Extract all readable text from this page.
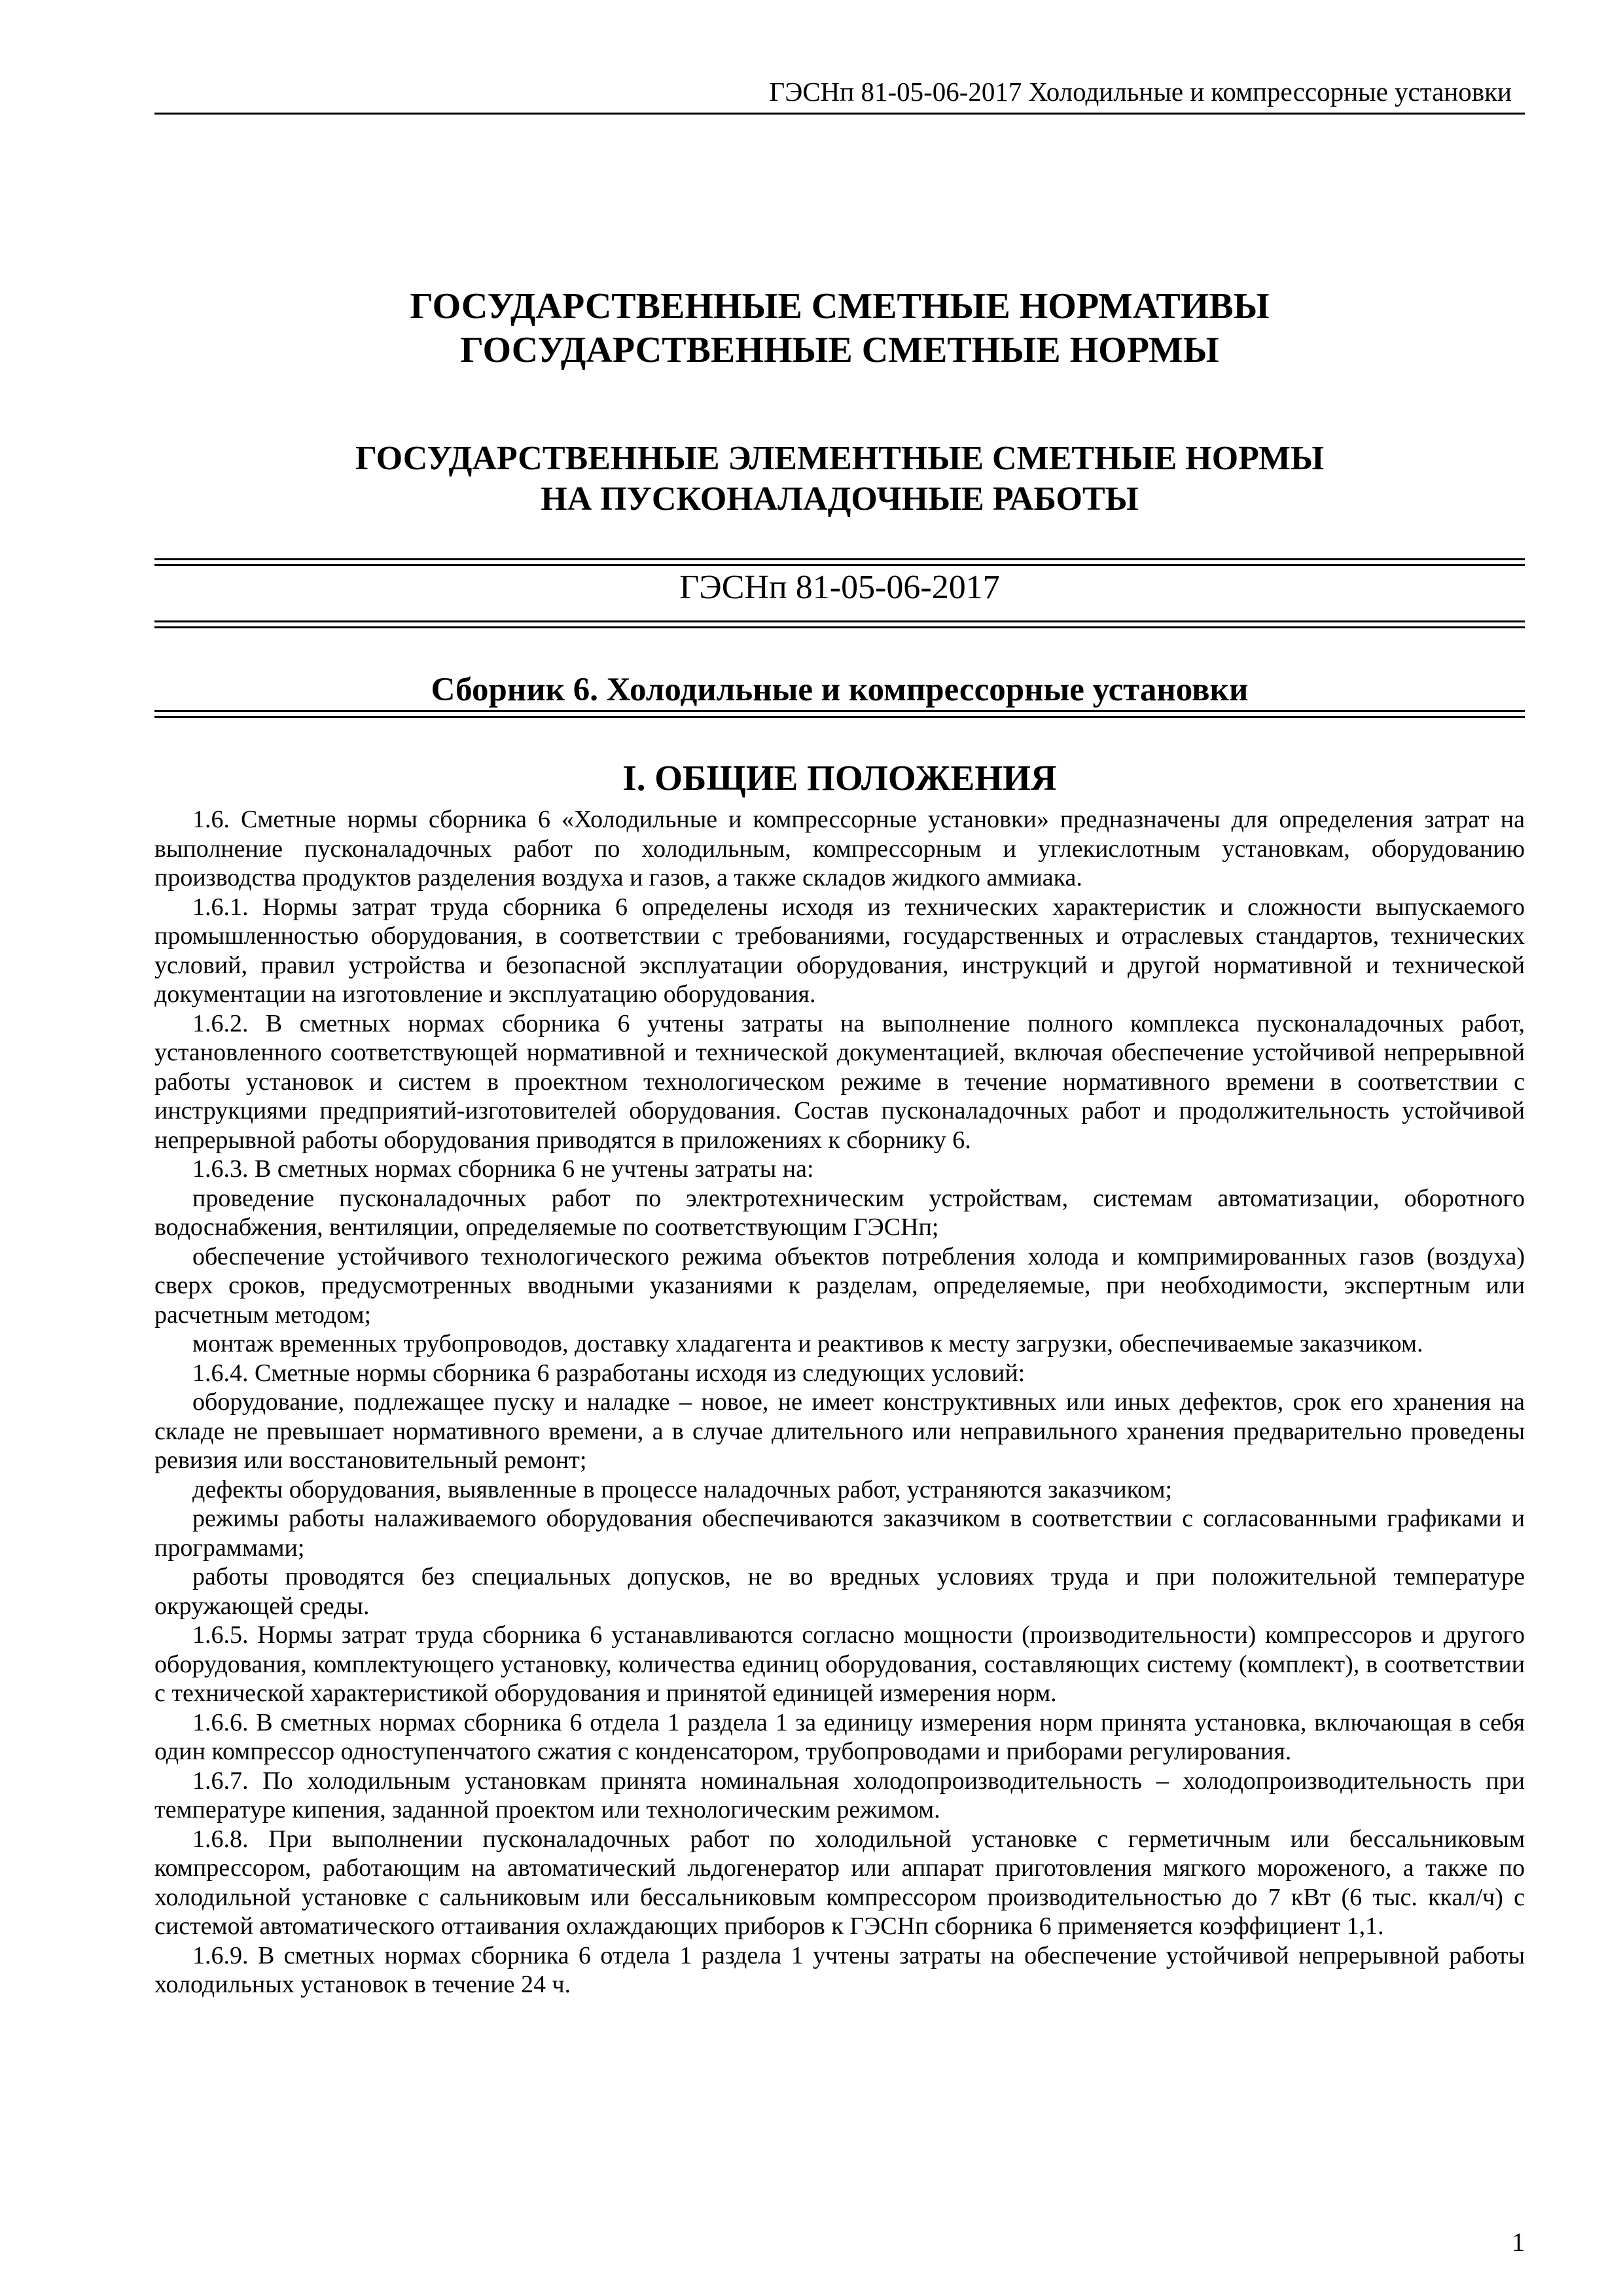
ГЭСНп 81-05-06-2017 Холодильные и компрессорные установки
ГОСУДАРСТВЕННЫЕ СМЕТНЫЕ НОРМАТИВЫ
ГОСУДАРСТВЕННЫЕ СМЕТНЫЕ НОРМЫ
ГОСУДАРСТВЕННЫЕ ЭЛЕМЕНТНЫЕ СМЕТНЫЕ НОРМЫ
НА ПУСКОНАЛАДОЧНЫЕ РАБОТЫ
ГЭСНп 81-05-06-2017
Сборник 6. Холодильные и компрессорные установки
I. ОБЩИЕ ПОЛОЖЕНИЯ

1.6. Сметные нормы сборника 6 «Холодильные и компрессорные установки» предназначены для определения затрат на выполнение пусконаладочных работ по холодильным, компрессорным и углекислотным установкам, оборудованию производства продуктов разделения воздуха и газов, а также складов жидкого аммиака.

1.6.1. Нормы затрат труда сборника 6 определены исходя из технических характеристик и сложности выпускаемого промышленностью оборудования, в соответствии с требованиями, государственных и отраслевых стандартов, технических условий, правил устройства и безопасной эксплуатации оборудования, инструкций и другой нормативной и технической документации на изготовление и эксплуатацию оборудования.

1.6.2. В сметных нормах сборника 6 учтены затраты на выполнение полного комплекса пусконаладочных работ, установленного соответствующей нормативной и технической документацией, включая обеспечение устойчивой непрерывной работы установок и систем в проектном технологическом режиме в течение нормативного времени в соответствии с инструкциями предприятий-изготовителей оборудования. Состав пусконаладочных работ и продолжительность устойчивой непрерывной работы оборудования приводятся в приложениях к сборнику 6.

1.6.3. В сметных нормах сборника 6 не учтены затраты на:

проведение пусконаладочных работ по электротехническим устройствам, системам автоматизации, оборотного водоснабжения, вентиляции, определяемые по соответствующим ГЭСНп;

обеспечение устойчивого технологического режима объектов потребления холода и компримированных газов (воздуха) сверх сроков, предусмотренных вводными указаниями к разделам, определяемые, при необходимости, экспертным или расчетным методом;

монтаж временных трубопроводов, доставку хладагента и реактивов к месту загрузки, обеспечиваемые заказчиком.

1.6.4. Сметные нормы сборника 6 разработаны исходя из следующих условий:

оборудование, подлежащее пуску и наладке – новое, не имеет конструктивных или иных дефектов, срок его хранения на складе не превышает нормативного времени, а в случае длительного или неправильного хранения предварительно проведены ревизия или восстановительный ремонт;

дефекты оборудования, выявленные в процессе наладочных работ, устраняются заказчиком;

режимы работы налаживаемого оборудования обеспечиваются заказчиком в соответствии с согласованными графиками и программами;

работы проводятся без специальных допусков, не во вредных условиях труда и при положительной температуре окружающей среды.

1.6.5. Нормы затрат труда сборника 6 устанавливаются согласно мощности (производительности) компрессоров и другого оборудования, комплектующего установку, количества единиц оборудования, составляющих систему (комплект), в соответствии с технической характеристикой оборудования и принятой единицей измерения норм.

1.6.6. В сметных нормах сборника 6 отдела 1 раздела 1 за единицу измерения норм принята установка, включающая в себя один компрессор одноступенчатого сжатия с конденсатором, трубопроводами и приборами регулирования.

1.6.7. По холодильным установкам принята номинальная холодопроизводительность – холодопроизводительность при температуре кипения, заданной проектом или технологическим режимом.

1.6.8. При выполнении пусконаладочных работ по холодильной установке с герметичным или бессальниковым компрессором, работающим на автоматический льдогенератор или аппарат приготовления мягкого мороженого, а также по холодильной установке с сальниковым или бессальниковым компрессором производительностью до 7 кВт (6 тыс. ккал/ч) с системой автоматического оттаивания охлаждающих приборов к ГЭСНп сборника 6 применяется коэффициент 1,1.

1.6.9. В сметных нормах сборника 6 отдела 1 раздела 1 учтены затраты на обеспечение устойчивой непрерывной работы холодильных установок в течение 24 ч.

1
